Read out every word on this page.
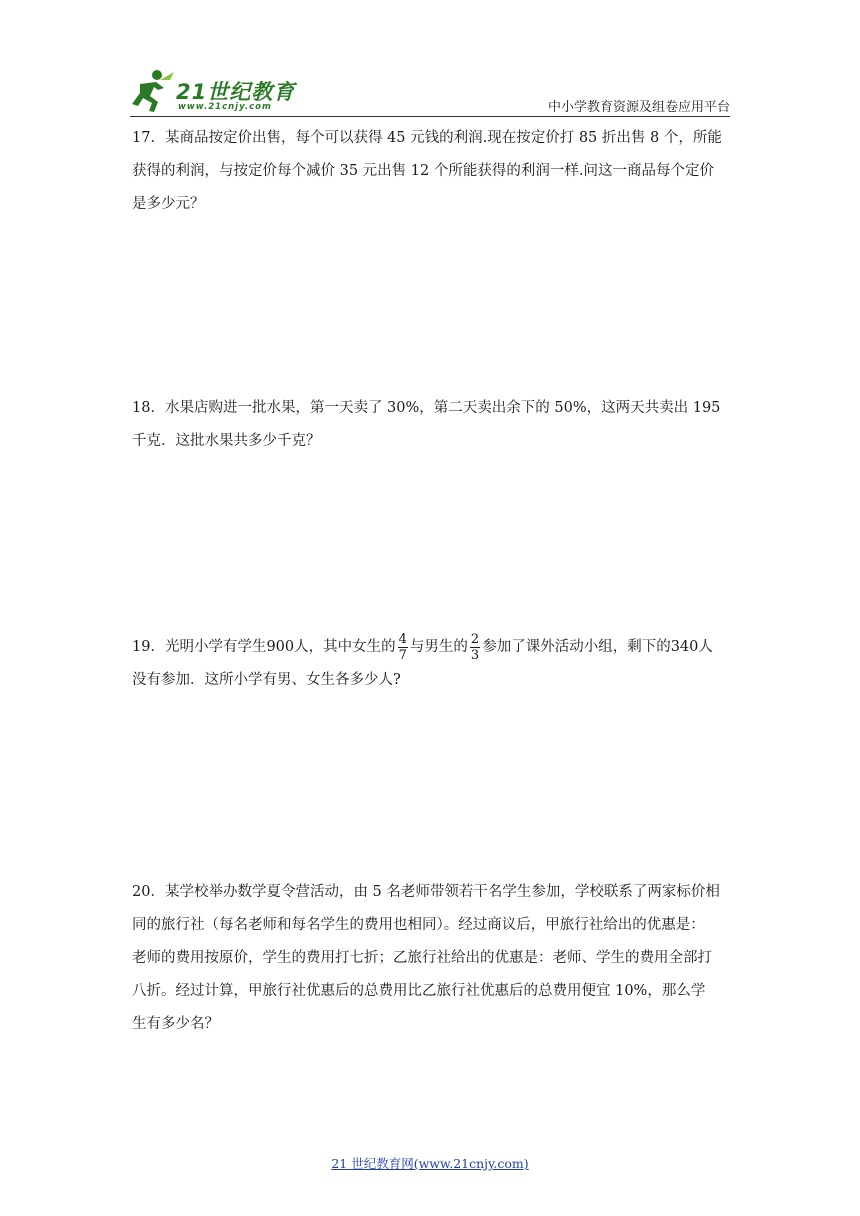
21世纪教育
www.21cnjy.com	中小学教育资源及组卷应用平台

17．某商品按定价出售，每个可以获得 45 元钱的利润.现在按定价打 85 折出售 8 个，所能

获得的利润，与按定价每个减价 35 元出售 12 个所能获得的利润一样.问这一商品每个定价

是多少元？

18．水果店购进一批水果，第一天卖了 30%，第二天卖出余下的 50%，这两天共卖出 195

千克．这批水果共多少千克？

19．光明小学有学生900人，其中女生的 $\frac{4}{7}$ 与男生的 $\frac{2}{3}$ 参加了课外活动小组，剩下的340人

没有参加．这所小学有男、女生各多少人?

20．某学校举办数学夏令营活动，由 5 名老师带领若干名学生参加，学校联系了两家标价相

同的旅行社（每名老师和每名学生的费用也相同）。经过商议后，甲旅行社给出的优惠是：

老师的费用按原价，学生的费用打七折；乙旅行社给出的优惠是：老师、学生的费用全部打

八折。经过计算，甲旅行社优惠后的总费用比乙旅行社优惠后的总费用便宜 10%，那么学

生有多少名？

21 世纪教育网(www.21cnjy.com)
